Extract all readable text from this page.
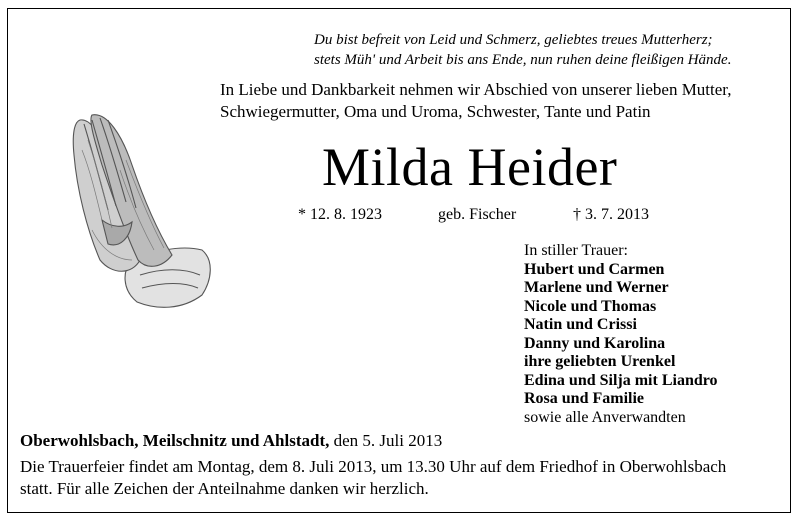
Du bist befreit von Leid und Schmerz, geliebtes treues Mutterherz;
stets Müh' und Arbeit bis ans Ende, nun ruhen deine fleißigen Hände.
In Liebe und Dankbarkeit nehmen wir Abschied von unserer lieben Mutter,
Schwiegermutter, Oma und Uroma, Schwester, Tante und Patin
Milda Heider
* 12. 8. 1923	geb. Fischer	† 3. 7. 2013
In stiller Trauer:
Hubert und Carmen
Marlene und Werner
Nicole und Thomas
Natin und Crissi
Danny und Karolina
ihre geliebten Urenkel
Edina und Silja mit Liandro
Rosa und Familie
sowie alle Anverwandten
Oberwohlsbach, Meilschnitz und Ahlstadt, den 5. Juli 2013
Die Trauerfeier findet am Montag, dem 8. Juli 2013, um 13.30 Uhr auf dem Friedhof in Oberwohlsbach
statt. Für alle Zeichen der Anteilnahme danken wir herzlich.
